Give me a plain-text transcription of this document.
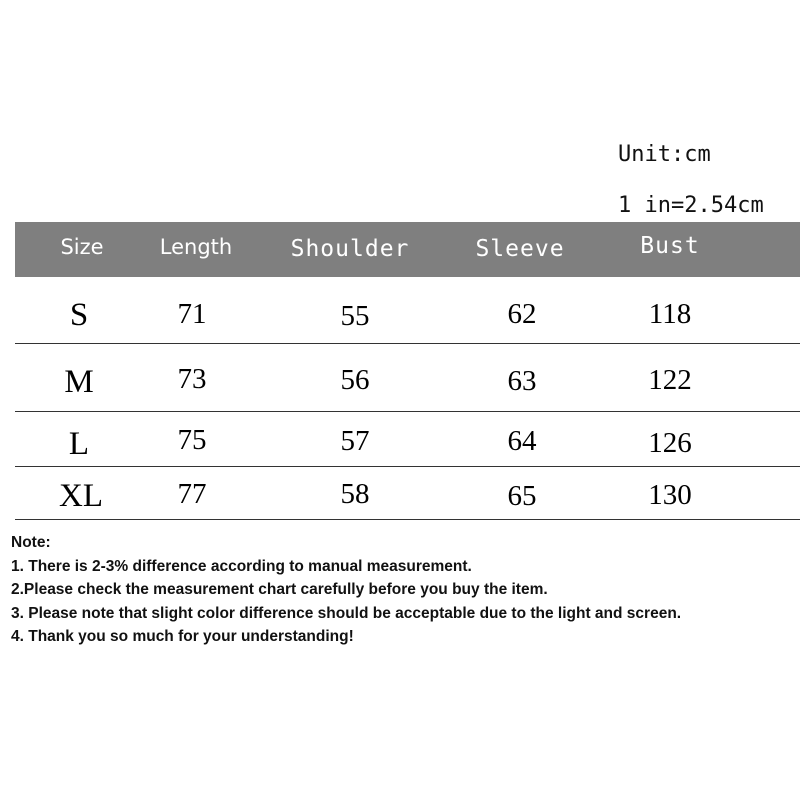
Unit:cm
1 in=2.54cm
Size	Length	Shoulder	Sleeve	Bust
S	71	55	62	118
M	73	56	63	122
L	75	57	64	126
XL	77	58	65	130
Note:
1. There is 2-3% difference according to manual measurement.
2.Please check the measurement chart carefully before you buy the item.
3. Please note that slight color difference should be acceptable due to the light and screen.
4. Thank you so much for your understanding!
